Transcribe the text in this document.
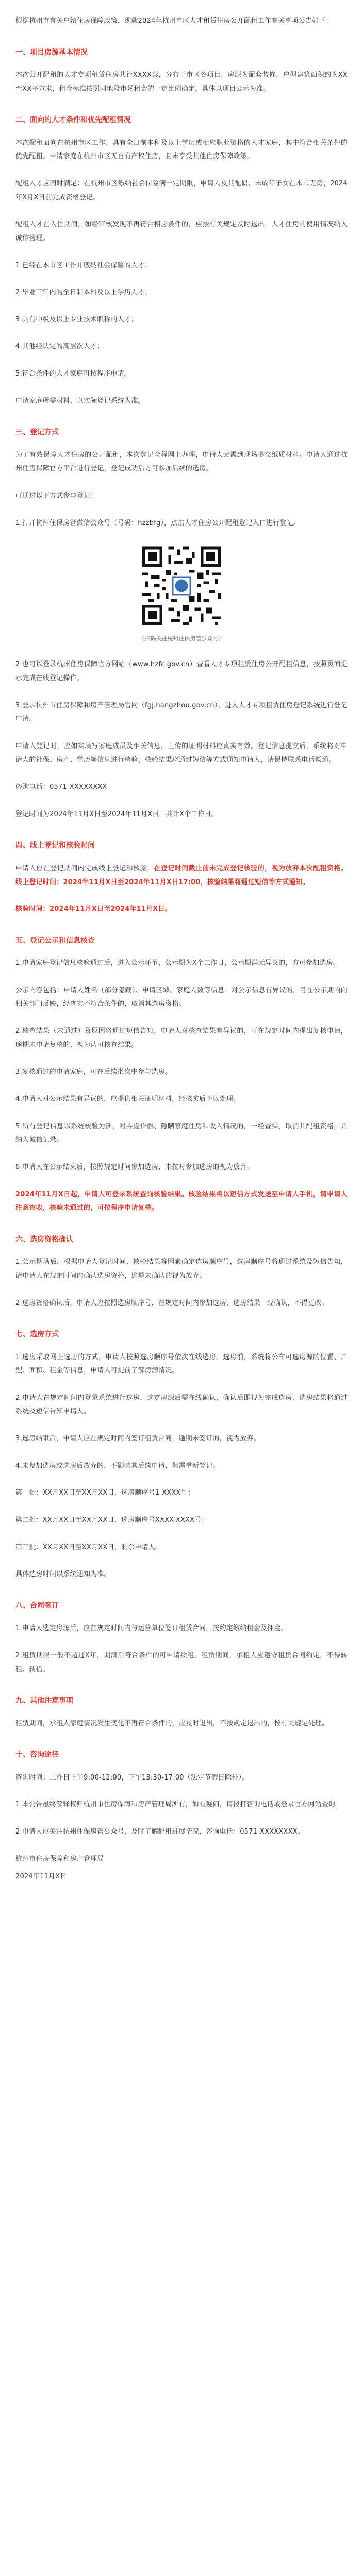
根据杭州市有关户籍住房保障政策，现就2024年杭州市区人才租赁住房公开配租工作有关事项公告如下：

一、项目房源基本情况

本次公开配租的人才专项租赁住房共计XXXX套，分布于市区各项目，房源为配套装修，户型建筑面积约为XX至XX平方米，租金标准按照同地段市场租金的一定比例确定，具体以项目公示为准。

二、面向的人才条件和优先配租情况

本次配租面向在杭州市区工作、具有全日制本科及以上学历或相应职业资格的人才家庭，其中符合相关条件的优先配租。申请家庭在杭州市区无自有产权住房，且未享受其他住房保障政策。

配租人才应同时满足：在杭州市区缴纳社会保险满一定期限，申请人及其配偶、未成年子女在本市无房，2024年X月X日前完成资格登记。

配租人才在入住期间，如经审核发现不再符合相应条件的，应按有关规定及时退出，人才住房的使用情况纳入诚信管理。

1.已经在本市区工作并缴纳社会保险的人才；

2.毕业三年内的全日制本科及以上学历人才；

3.具有中级及以上专业技术职称的人才；

4.其他经认定的高层次人才；

5.符合条件的人才家庭可按程序申请。

申请家庭所需材料，以实际登记系统为准。

三、登记方式

为了有效保障人才住房的公开配租，本次登记全程网上办理，申请人无需到现场提交纸质材料。申请人通过杭州住房保障官方平台进行登记，登记成功后方可参加后续的选房。

可通过以下方式参与登记：

1.打开杭州住保房管微信公众号（号码：hzzbfg），点击人才住房公开配租登记入口进行登记。

（扫码关注杭州住保房管公众号）

2.也可以登录杭州住房保障官方网站（www.hzfc.gov.cn）查看人才专项租赁住房公开配租信息，按照页面提示完成在线登记操作。

3.登录杭州市住房保障和房产管理局官网（fgj.hangzhou.gov.cn），进入人才专项租赁住房登记系统进行登记申请。

申请人登记时，应如实填写家庭成员及相关信息，上传的证明材料应真实有效。登记信息提交后，系统将对申请人的社保、房产、学历等信息进行核验，核验结果将通过短信等方式通知申请人，请保持联系电话畅通。

咨询电话：0571-XXXXXXXX

登记时间为2024年11月X日至2024年11月X日，共计X个工作日。

四、线上登记和核验时间

申请人应在登记期间内完成线上登记和核验，在登记时间截止前未完成登记核验的，视为放弃本次配租资格。线上登记时间：2024年11月X日至2024年11月X日17:00，核验结果将通过短信等方式通知。

核验时间：2024年11月X日至2024年11月X日。

五、登记公示和信息核查

1.申请家庭登记信息核验通过后，进入公示环节，公示期为X个工作日，公示期满无异议的，方可参加选房。

公示内容包括：申请人姓名（部分隐藏）、申请区域、家庭人数等信息。对公示信息有异议的，可在公示期内向相关部门反映，经查实不符合条件的，取消其选房资格。

2.核查结果（未通过）及原因将通过短信告知，申请人对核查结果有异议的，可在规定时间内提出复核申请，逾期未申请复核的，视为认可核查结果。

3.复核通过的申请家庭，可在后续批次中参与选房。

4.申请人对公示结果有异议的，应提供相关证明材料，经核实后予以处理。

5.所有登记信息以系统核验为准，对弄虚作假、隐瞒家庭住房和收入情况的，一经查实，取消其配租资格，并纳入诚信记录。

6.申请人在公示结束后，按照规定时间参加选房，未按时参加选房的视为放弃。

2024年11月X日起，申请人可登录系统查询核验结果。核验结果将以短信方式发送至申请人手机，请申请人注意查收，核验未通过的，可按程序申请复核。

六、选房资格确认

1.公示期满后，根据申请人登记时间、核验结果等因素确定选房顺序号，选房顺序号将通过系统及短信告知，请申请人在规定时间内确认选房资格，逾期未确认的视为放弃。

2.选房资格确认后，申请人应按照选房顺序号，在规定时间内参加选房，选房结果一经确认，不得更改。

七、选房方式

1.选房采取网上选房的方式，申请人按照选房顺序号依次在线选房。选房前，系统将公布可选房源的位置、户型、面积、租金等信息，申请人可提前了解房源情况。

2.申请人在规定时间内登录系统进行选房，选定房源后需在线确认，确认后即视为完成选房，选房结果将通过系统及短信告知申请人。

3.选房结束后，申请人应在规定时间内签订租赁合同，逾期未签订的，视为放弃。

4.未参加选房或选房后放弃的，不影响其后续申请，但需重新登记。

第一批：XX月XX日至XX月XX日，选房顺序号1-XXXX号；

第二批：XX月XX日至XX月XX日，选房顺序号XXXX-XXXX号；

第三批：XX月XX日至XX月XX日，剩余申请人。

具体选房时间以系统通知为准。

八、合同签订

1.申请人选定房源后，应在规定时间内与运营单位签订租赁合同，按约定缴纳租金及押金。

2.租赁期限一般不超过X年，期满后符合条件的可申请续租。租赁期间，承租人应遵守租赁合同约定，不得转租、转借。

九、其他注意事项

租赁期间，承租人家庭情况发生变化不再符合条件的，应及时退出，不按规定退出的，按有关规定处理。

十、咨询途径

咨询时间：工作日上午9:00-12:00，下午13:30-17:00（法定节假日除外）。

1.本公告最终解释权归杭州市住房保障和房产管理局所有，如有疑问，请拨打咨询电话或登录官方网站查询。

2.申请人应关注杭州住保房管公众号，及时了解配租进展情况，咨询电话：0571-XXXXXXXX。

杭州市住房保障和房产管理局

2024年11月X日
